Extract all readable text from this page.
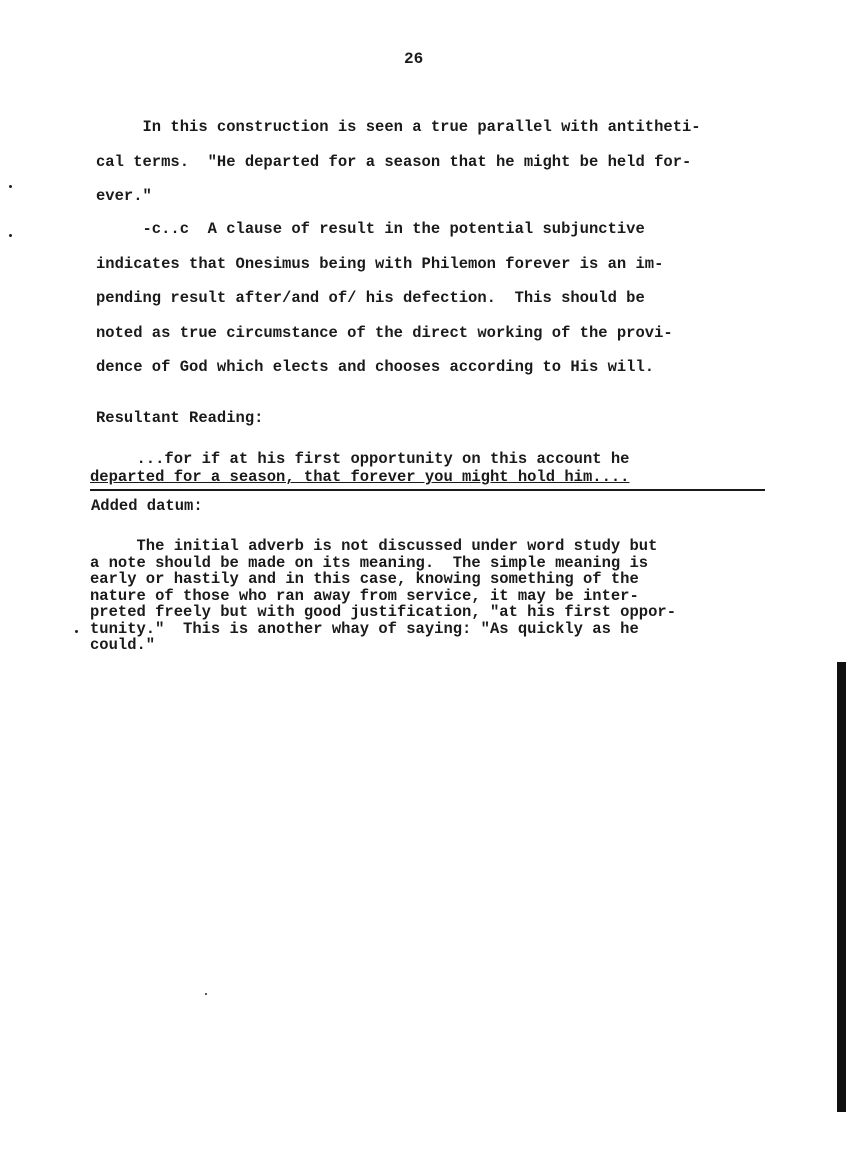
26
In this construction is seen a true parallel with antitheti-
cal terms.  "He departed for a season that he might be held for-
ever."
-c..c  A clause of result in the potential subjunctive
indicates that Onesimus being with Philemon forever is an im-
pending result after/and of/ his defection.  This should be
noted as true circumstance of the direct working of the provi-
dence of God which elects and chooses according to His will.
Resultant Reading:
...for if at his first opportunity on this account he
departed for a season, that forever you might hold him....
Added datum:
The initial adverb is not discussed under word study but
a note should be made on its meaning.  The simple meaning is
early or hastily and in this case, knowing something of the
nature of those who ran away from service, it may be inter-
preted freely but with good justification, "at his first oppor-
tunity."  This is another whay of saying: "As quickly as he
could."
